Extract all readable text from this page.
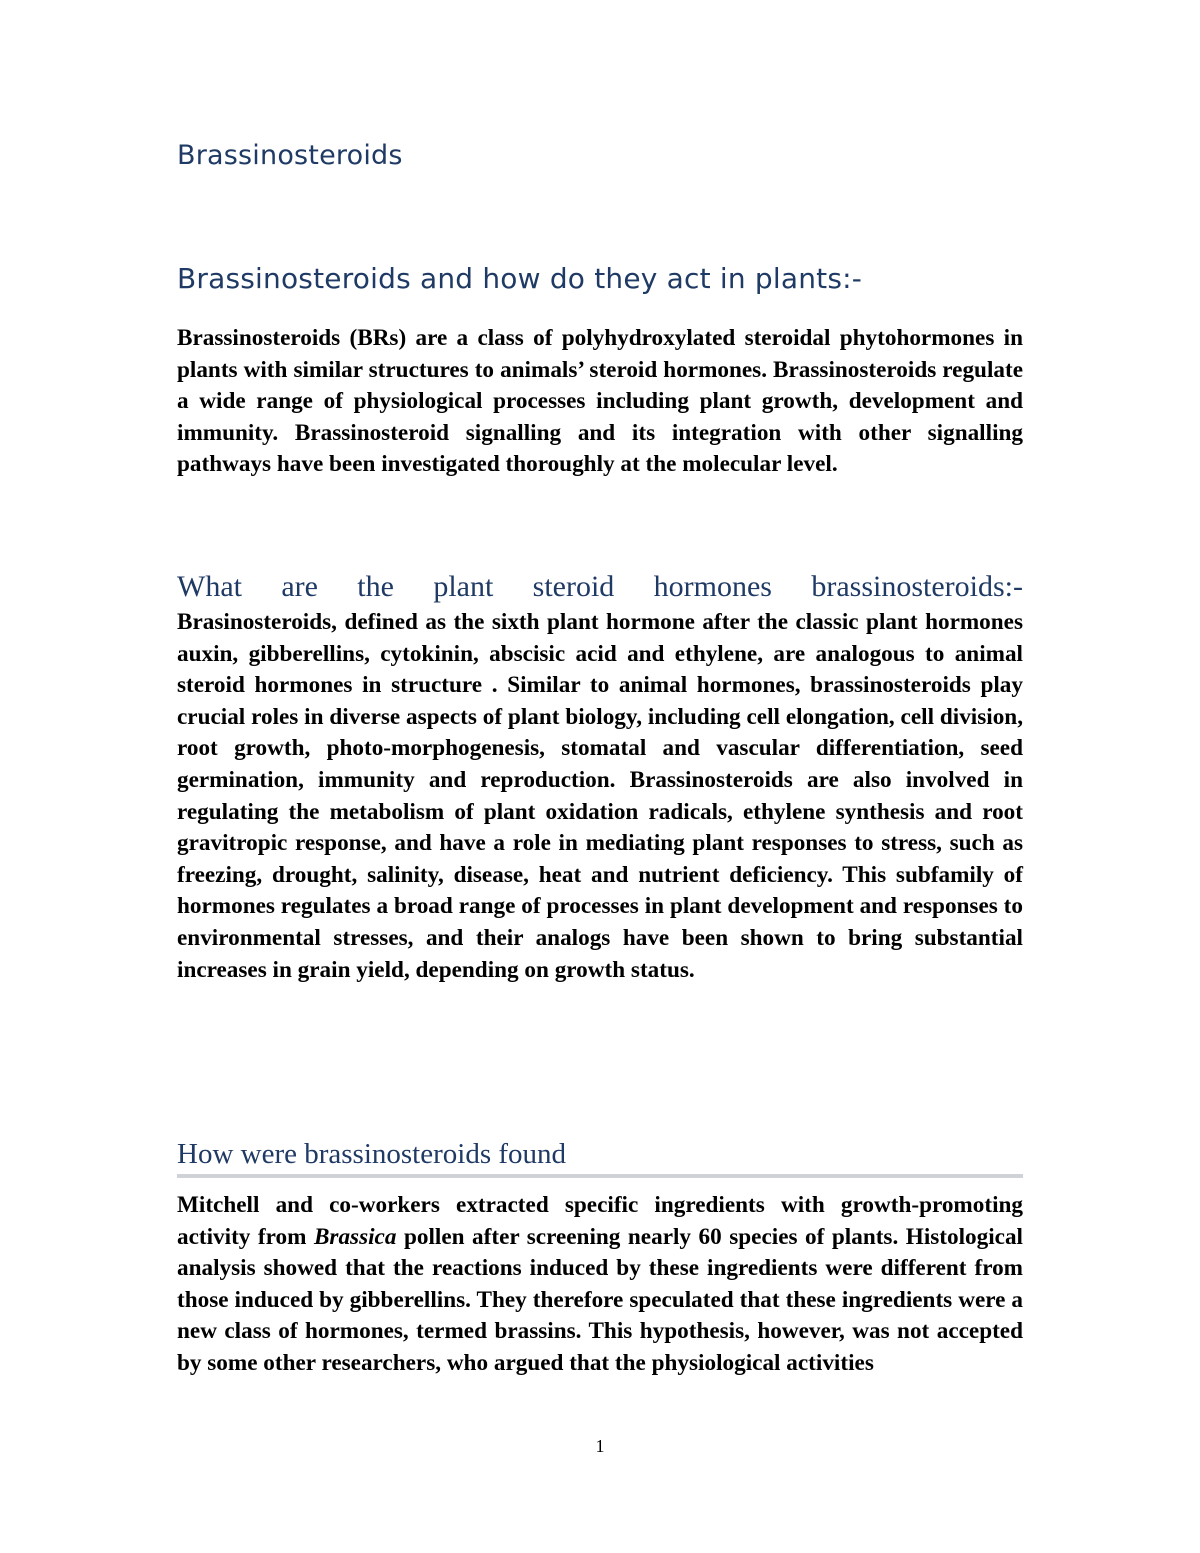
Brassinosteroids
Brassinosteroids and how do they act in plants:-

Brassinosteroids (BRs) are a class of polyhydroxylated steroidal phytohormones in plants with similar structures to animals’ steroid hormones. Brassinosteroids regulate a wide range of physiological processes including plant growth, development and immunity. Brassinosteroid signalling and its integration with other signalling pathways have been investigated thoroughly at the molecular level.

What are the plant steroid hormones brassinosteroids:-

Brasinosteroids, defined as the sixth plant hormone after the classic plant hormones auxin, gibberellins, cytokinin, abscisic acid and ethylene, are analogous to animal steroid hormones in structure . Similar to animal hormones, brassinosteroids play crucial roles in diverse aspects of plant biology, including cell elongation, cell division, root growth, photo-morphogenesis, stomatal and vascular differentiation, seed germination, immunity and reproduction. Brassinosteroids are also involved in regulating the metabolism of plant oxidation radicals, ethylene synthesis and root gravitropic response, and have a role in mediating plant responses to stress, such as freezing, drought, salinity, disease, heat and nutrient deficiency. This subfamily of hormones regulates a broad range of processes in plant development and responses to environmental stresses, and their analogs have been shown to bring substantial increases in grain yield, depending on growth status.

How were brassinosteroids found

Mitchell and co-workers extracted specific ingredients with growth-promoting activity from Brassica pollen after screening nearly 60 species of plants. Histological analysis showed that the reactions induced by these ingredients were different from those induced by gibberellins. They therefore speculated that these ingredients were a new class of hormones, termed brassins. This hypothesis, however, was not accepted by some other researchers, who argued that the physiological activities

1
